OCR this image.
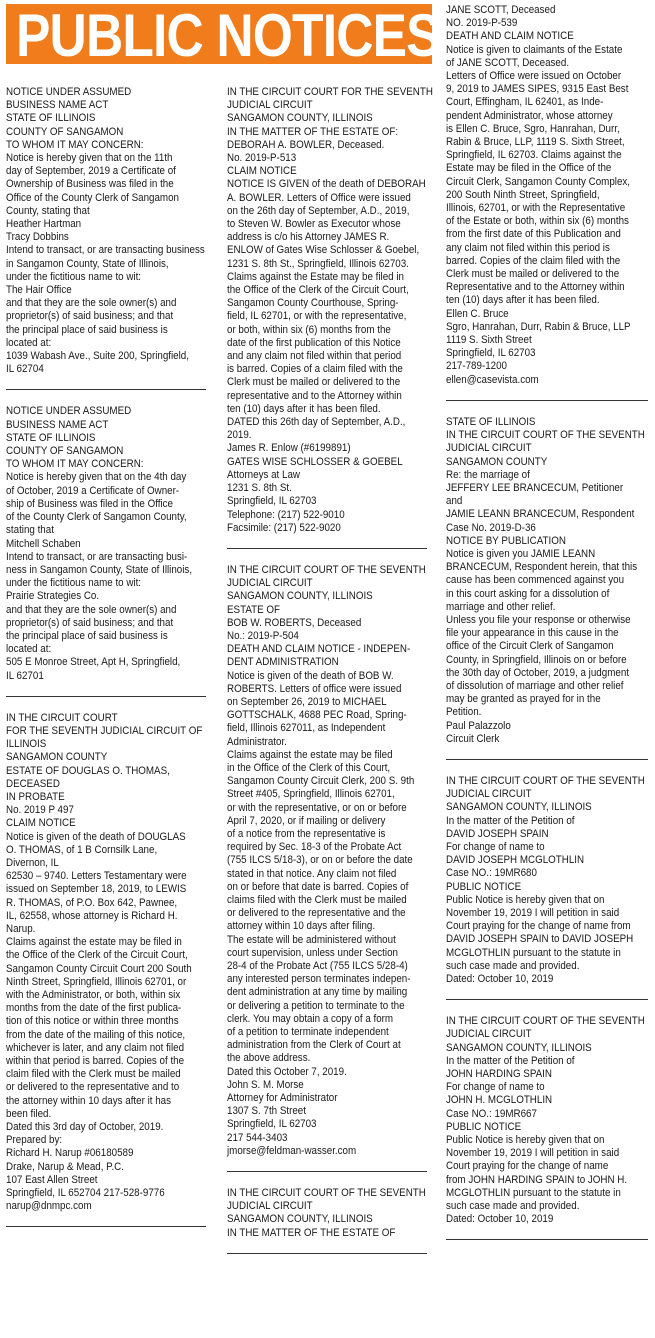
PUBLIC NOTICES
NOTICE UNDER ASSUMED
BUSINESS NAME ACT
STATE OF ILLINOIS
COUNTY OF SANGAMON
TO WHOM IT MAY CONCERN:
Notice is hereby given that on the 11th
day of September, 2019 a Certificate of
Ownership of Business was filed in the
Office of the County Clerk of Sangamon
County, stating that
Heather Hartman
Tracy Dobbins
Intend to transact, or are transacting business
in Sangamon County, State of Illinois,
under the fictitious name to wit:
The Hair Office
and that they are the sole owner(s) and
proprietor(s) of said business; and that
the principal place of said business is
located at:
1039 Wabash Ave., Suite 200, Springfield,
IL 62704
NOTICE UNDER ASSUMED
BUSINESS NAME ACT
STATE OF ILLINOIS
COUNTY OF SANGAMON
TO WHOM IT MAY CONCERN:
Notice is hereby given that on the 4th day
of October, 2019 a Certificate of Owner-
ship of Business was filed in the Office
of the County Clerk of Sangamon County,
stating that
Mitchell Schaben
Intend to transact, or are transacting busi-
ness in Sangamon County, State of Illinois,
under the fictitious name to wit:
Prairie Strategies Co.
and that they are the sole owner(s) and
proprietor(s) of said business; and that
the principal place of said business is
located at:
505 E Monroe Street, Apt H, Springfield,
IL 62701
IN THE CIRCUIT COURT
FOR THE SEVENTH JUDICIAL CIRCUIT OF
ILLINOIS
SANGAMON COUNTY
ESTATE OF DOUGLAS O. THOMAS,
DECEASED
IN PROBATE
No. 2019 P 497
CLAIM NOTICE
Notice is given of the death of DOUGLAS
O. THOMAS, of 1 B Cornsilk Lane,
Divernon, IL
62530 – 9740. Letters Testamentary were
issued on September 18, 2019, to LEWIS
R. THOMAS, of P.O. Box 642, Pawnee,
IL, 62558, whose attorney is Richard H.
Narup.
Claims against the estate may be filed in
the Office of the Clerk of the Circuit Court,
Sangamon County Circuit Court 200 South
Ninth Street, Springfield, Illinois 62701, or
with the Administrator, or both, within six
months from the date of the first publica-
tion of this notice or within three months
from the date of the mailing of this notice,
whichever is later, and any claim not filed
within that period is barred. Copies of the
claim filed with the Clerk must be mailed
or delivered to the representative and to
the attorney within 10 days after it has
been filed.
Dated this 3rd day of October, 2019.
Prepared by:
Richard H. Narup #06180589
Drake, Narup & Mead, P.C.
107 East Allen Street
Springfield, IL 652704 217-528-9776
narup@dnmpc.com
IN THE CIRCUIT COURT FOR THE SEVENTH
JUDICIAL CIRCUIT
SANGAMON COUNTY, ILLINOIS
IN THE MATTER OF THE ESTATE OF:
DEBORAH A. BOWLER, Deceased.
No. 2019-P-513
CLAIM NOTICE
NOTICE IS GIVEN of the death of DEBORAH
A. BOWLER. Letters of Office were issued
on the 26th day of September, A.D., 2019,
to Steven W. Bowler as Executor whose
address is c/o his Attorney JAMES R.
ENLOW of Gates Wise Schlosser & Goebel,
1231 S. 8th St., Springfield, Illinois 62703.
Claims against the Estate may be filed in
the Office of the Clerk of the Circuit Court,
Sangamon County Courthouse, Spring-
field, IL 62701, or with the representative,
or both, within six (6) months from the
date of the first publication of this Notice
and any claim not filed within that period
is barred. Copies of a claim filed with the
Clerk must be mailed or delivered to the
representative and to the Attorney within
ten (10) days after it has been filed.
DATED this 26th day of September, A.D.,
2019.
James R. Enlow (#6199891)
GATES WISE SCHLOSSER & GOEBEL
Attorneys at Law
1231 S. 8th St.
Springfield, IL 62703
Telephone: (217) 522-9010
Facsimile: (217) 522-9020
IN THE CIRCUIT COURT OF THE SEVENTH
JUDICIAL CIRCUIT
SANGAMON COUNTY, ILLINOIS
ESTATE OF
BOB W. ROBERTS, Deceased
No.: 2019-P-504
DEATH AND CLAIM NOTICE - INDEPEN-
DENT ADMINISTRATION
Notice is given of the death of BOB W.
ROBERTS. Letters of office were issued
on September 26, 2019 to MICHAEL
GOTTSCHALK, 4688 PEC Road, Spring-
field, Illinois 627011, as Independent
Administrator.
Claims against the estate may be filed
in the Office of the Clerk of this Court,
Sangamon County Circuit Clerk, 200 S. 9th
Street #405, Springfield, Illinois 62701,
or with the representative, or on or before
April 7, 2020, or if mailing or delivery
of a notice from the representative is
required by Sec. 18-3 of the Probate Act
(755 ILCS 5/18-3), or on or before the date
stated in that notice. Any claim not filed
on or before that date is barred. Copies of
claims filed with the Clerk must be mailed
or delivered to the representative and the
attorney within 10 days after filing.
The estate will be administered without
court supervision, unless under Section
28-4 of the Probate Act (755 ILCS 5/28-4)
any interested person terminates indepen-
dent administration at any time by mailing
or delivering a petition to terminate to the
clerk. You may obtain a copy of a form
of a petition to terminate independent
administration from the Clerk of Court at
the above address.
Dated this October 7, 2019.
John S. M. Morse
Attorney for Administrator
1307 S. 7th Street
Springfield, IL 62703
217 544-3403
jmorse@feldman-wasser.com
IN THE CIRCUIT COURT OF THE SEVENTH
JUDICIAL CIRCUIT
SANGAMON COUNTY, ILLINOIS
IN THE MATTER OF THE ESTATE OF
JANE SCOTT, Deceased
NO. 2019-P-539
DEATH AND CLAIM NOTICE
Notice is given to claimants of the Estate
of JANE SCOTT, Deceased.
Letters of Office were issued on October
9, 2019 to JAMES SIPES, 9315 East Best
Court, Effingham, IL 62401, as Inde-
pendent Administrator, whose attorney
is Ellen C. Bruce, Sgro, Hanrahan, Durr,
Rabin & Bruce, LLP, 1119 S. Sixth Street,
Springfield, IL 62703. Claims against the
Estate may be filed in the Office of the
Circuit Clerk, Sangamon County Complex,
200 South Ninth Street, Springfield,
Illinois, 62701, or with the Representative
of the Estate or both, within six (6) months
from the first date of this Publication and
any claim not filed within this period is
barred. Copies of the claim filed with the
Clerk must be mailed or delivered to the
Representative and to the Attorney within
ten (10) days after it has been filed.
Ellen C. Bruce
Sgro, Hanrahan, Durr, Rabin & Bruce, LLP
1119 S. Sixth Street
Springfield, IL 62703
217-789-1200
ellen@casevista.com
STATE OF ILLINOIS
IN THE CIRCUIT COURT OF THE SEVENTH
JUDICIAL CIRCUIT
SANGAMON COUNTY
Re: the marriage of
JEFFERY LEE BRANCECUM, Petitioner
and
JAMIE LEANN BRANCECUM, Respondent
Case No. 2019-D-36
NOTICE BY PUBLICATION
Notice is given you JAMIE LEANN
BRANCECUM, Respondent herein, that this
cause has been commenced against you
in this court asking for a dissolution of
marriage and other relief.
Unless you file your response or otherwise
file your appearance in this cause in the
office of the Circuit Clerk of Sangamon
County, in Springfield, Illinois on or before
the 30th day of October, 2019, a judgment
of dissolution of marriage and other relief
may be granted as prayed for in the
Petition.
Paul Palazzolo
Circuit Clerk
IN THE CIRCUIT COURT OF THE SEVENTH
JUDICIAL CIRCUIT
SANGAMON COUNTY, ILLINOIS
In the matter of the Petition of
DAVID JOSEPH SPAIN
For change of name to
DAVID JOSEPH MCGLOTHLIN
Case NO.: 19MR680
PUBLIC NOTICE
Public Notice is hereby given that on
November 19, 2019 I will petition in said
Court praying for the change of name from
DAVID JOSEPH SPAIN to DAVID JOSEPH
MCGLOTHLIN pursuant to the statute in
such case made and provided.
Dated: October 10, 2019
IN THE CIRCUIT COURT OF THE SEVENTH
JUDICIAL CIRCUIT
SANGAMON COUNTY, ILLINOIS
In the matter of the Petition of
JOHN HARDING SPAIN
For change of name to
JOHN H. MCGLOTHLIN
Case NO.: 19MR667
PUBLIC NOTICE
Public Notice is hereby given that on
November 19, 2019 I will petition in said
Court praying for the change of name
from JOHN HARDING SPAIN to JOHN H.
MCGLOTHLIN pursuant to the statute in
such case made and provided.
Dated: October 10, 2019
